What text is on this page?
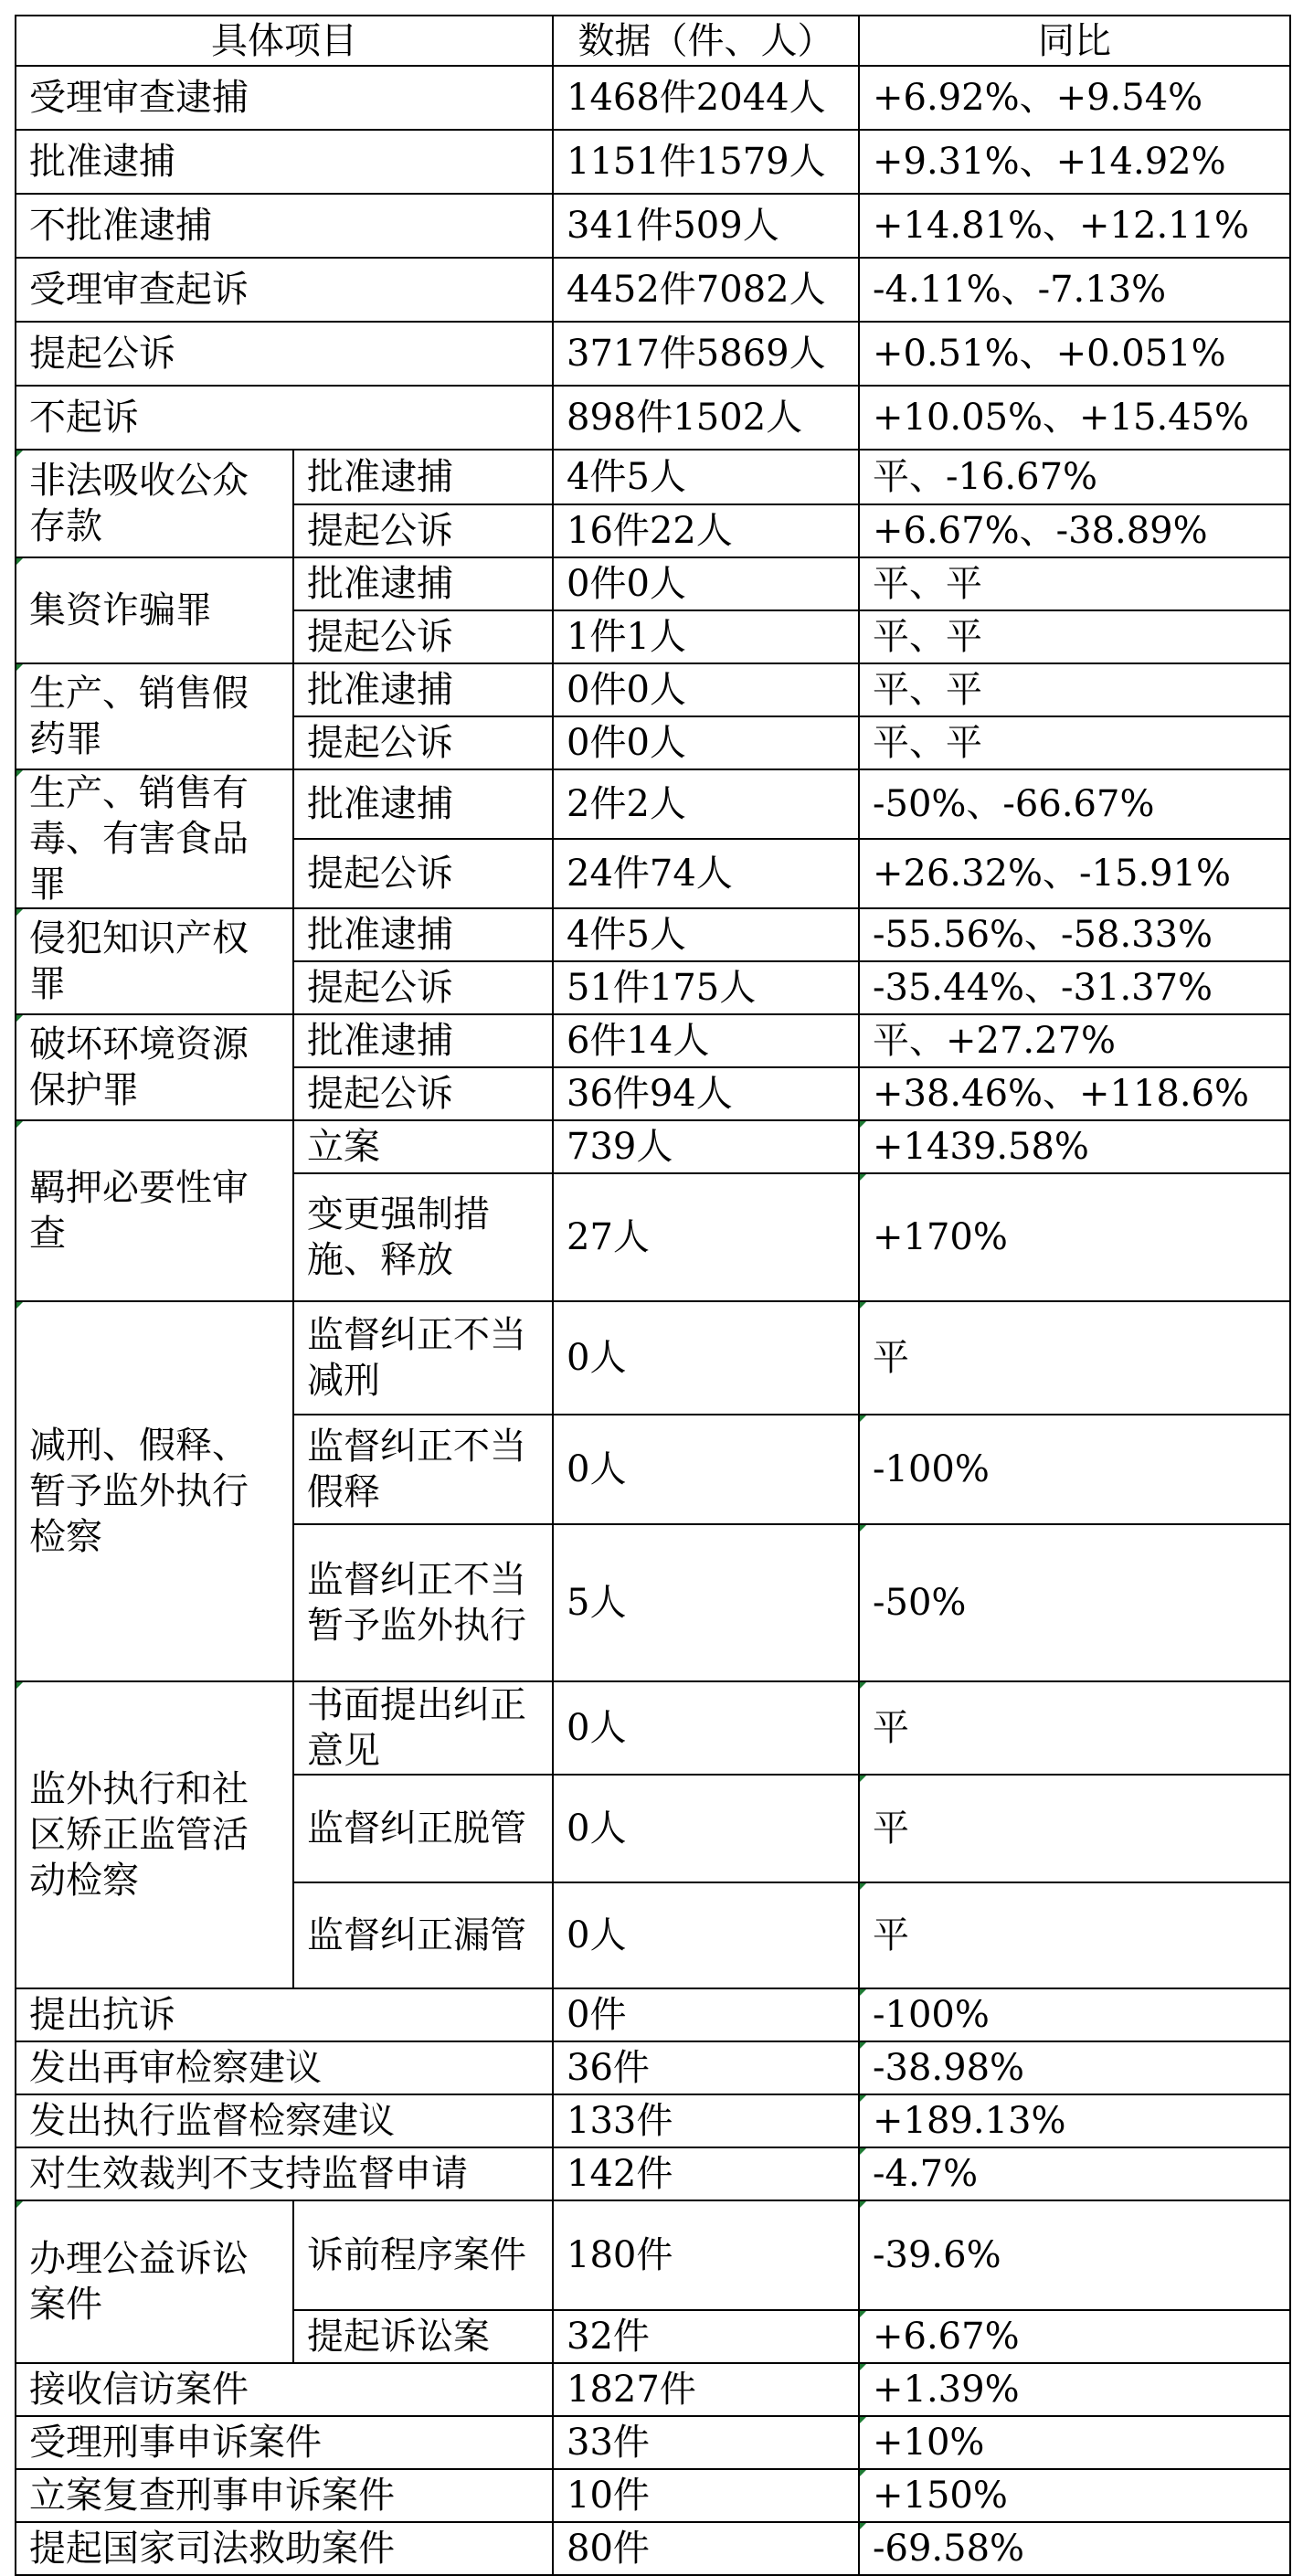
具体项目		数据（件、人）	同比
受理审查逮捕		1468件2044人	+6.92%、+9.54%
批准逮捕		1151件1579人	+9.31%、+14.92%
不批准逮捕		341件509人	+14.81%、+12.11%
受理审查起诉		4452件7082人	-4.11%、-7.13%
提起公诉		3717件5869人	+0.51%、+0.051%
不起诉		898件1502人	+10.05%、+15.45%
非法吸收公众存款	批准逮捕	4件5人	平、-16.67%
	提起公诉	16件22人	+6.67%、-38.89%
集资诈骗罪	批准逮捕	0件0人	平、平
	提起公诉	1件1人	平、平
生产、销售假药罪	批准逮捕	0件0人	平、平
	提起公诉	0件0人	平、平
生产、销售有毒、有害食品罪	批准逮捕	2件2人	-50%、-66.67%
	提起公诉	24件74人	+26.32%、-15.91%
侵犯知识产权罪	批准逮捕	4件5人	-55.56%、-58.33%
	提起公诉	51件175人	-35.44%、-31.37%
破坏环境资源保护罪	批准逮捕	6件14人	平、+27.27%
	提起公诉	36件94人	+38.46%、+118.6%
羁押必要性审查	立案	739人	+1439.58%
	变更强制措施、释放	27人	+170%
减刑、假释、暂予监外执行检察	监督纠正不当减刑	0人	平
	监督纠正不当假释	0人	-100%
	监督纠正不当暂予监外执行	5人	-50%
监外执行和社区矫正监管活动检察	书面提出纠正意见	0人	平
	监督纠正脱管	0人	平
	监督纠正漏管	0人	平
提出抗诉		0件	-100%
发出再审检察建议		36件	-38.98%
发出执行监督检察建议		133件	+189.13%
对生效裁判不支持监督申请		142件	-4.7%
办理公益诉讼案件	诉前程序案件	180件	-39.6%
	提起诉讼案	32件	+6.67%
接收信访案件		1827件	+1.39%
受理刑事申诉案件		33件	+10%
立案复查刑事申诉案件		10件	+150%
提起国家司法救助案件		80件	-69.58%
